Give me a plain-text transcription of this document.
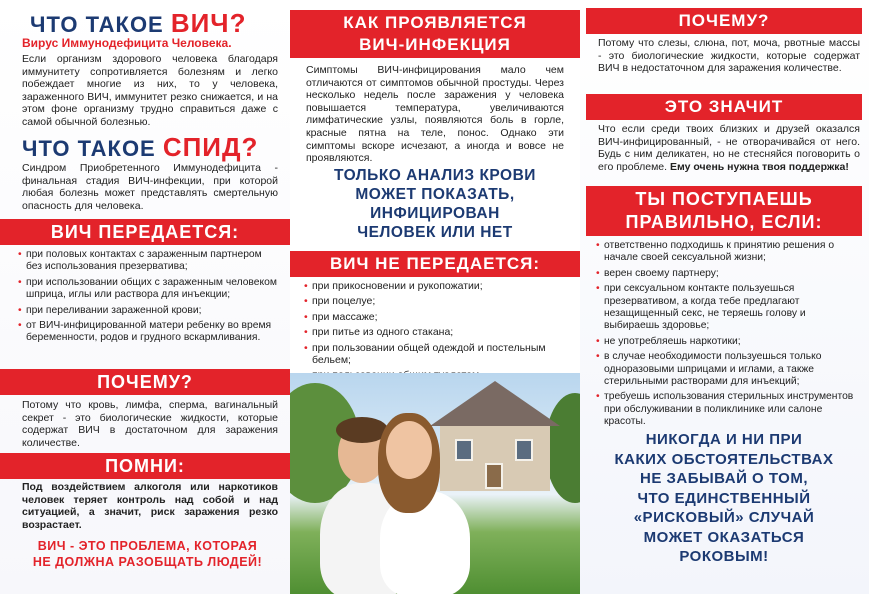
ЧТО ТАКОЕ ВИЧ?
Вирус Иммунодефицита Человека.
Если организм здорового человека благодаря иммунитету сопротивляется болезням и легко побеждает многие из них, то у человека, зараженного ВИЧ, иммунитет резко снижается, и на этом фоне организму трудно справиться даже с самой обычной болезнью.
ЧТО ТАКОЕ СПИД?
Синдром Приобретенного Иммунодефицита - финальная стадия ВИЧ-инфекции, при которой любая болезнь может представлять смертельную опасность для человека.
ВИЧ ПЕРЕДАЕТСЯ:
• при половых контактах с зараженным партнером без использования презерватива;
• при использовании общих с зараженным человеком шприца, иглы или раствора для инъекции;
• при переливании зараженной крови;
• от ВИЧ-инфицированной матери ребенку во время беременности, родов и грудного вскармливания.
ПОЧЕМУ?
Потому что кровь, лимфа, сперма, вагинальный секрет - это биологические жидкости, которые содержат ВИЧ в достаточном для заражения количестве.
ПОМНИ:
Под воздействием алкоголя или наркотиков человек теряет контроль над собой и над ситуацией, а значит, риск заражения резко возрастает.
ВИЧ - ЭТО ПРОБЛЕМА, КОТОРАЯ
НЕ ДОЛЖНА РАЗОБЩАТЬ ЛЮДЕЙ!
КАК ПРОЯВЛЯЕТСЯ
ВИЧ-ИНФЕКЦИЯ
Симптомы ВИЧ-инфицирования мало чем отличаются от симптомов обычной простуды. Через несколько недель после заражения у человека повышается температура, увеличиваются лимфатические узлы, появляются боль в горле, красные пятна на теле, понос. Однако эти симптомы вскоре исчезают, а иногда и вовсе не проявляются.
ТОЛЬКО АНАЛИЗ КРОВИ
МОЖЕТ ПОКАЗАТЬ,
ИНФИЦИРОВАН
ЧЕЛОВЕК ИЛИ НЕТ
ВИЧ НЕ ПЕРЕДАЕТСЯ:
• при прикосновении и рукопожатии;
• при поцелуе;
• при массаже;
• при питье из одного стакана;
• при пользовании общей одеждой и постельным бельем;
•
ПОЧЕМУ?
Потому что слезы, слюна, пот, моча, рвотные массы - это биологические жидкости, которые содержат ВИЧ в недостаточном для заражения количестве.
ЭТО ЗНАЧИТ
Что если среди твоих близких и друзей оказался ВИЧ-инфицированный, - не отворачивайся от него. Будь с ним деликатен, но не стесняйся поговорить о его проблеме. Ему очень нужна твоя поддержка!
ТЫ ПОСТУПАЕШЬ
ПРАВИЛЬНО, ЕСЛИ:
• ответственно подходишь к принятию решения о начале своей сексуальной жизни;
• верен своему партнеру;
• при сексуальном контакте пользуешься презервативом, а когда тебе предлагают незащищенный секс, не теряешь голову и выбираешь здоровье;
• не употребляешь наркотики;
• в случае необходимости пользуешься только одноразовыми шприцами и иглами, а также стерильными растворами для инъекций;
• требуешь использования стерильных инструментов при обслуживании в поликлинике или салоне красоты.
НИКОГДА И НИ ПРИ
КАКИХ ОБСТОЯТЕЛЬСТВАХ
НЕ ЗАБЫВАЙ О ТОМ,
ЧТО ЕДИНСТВЕННЫЙ
«РИСКОВЫЙ» СЛУЧАЙ
МОЖЕТ ОКАЗАТЬСЯ
РОКОВЫМ!
